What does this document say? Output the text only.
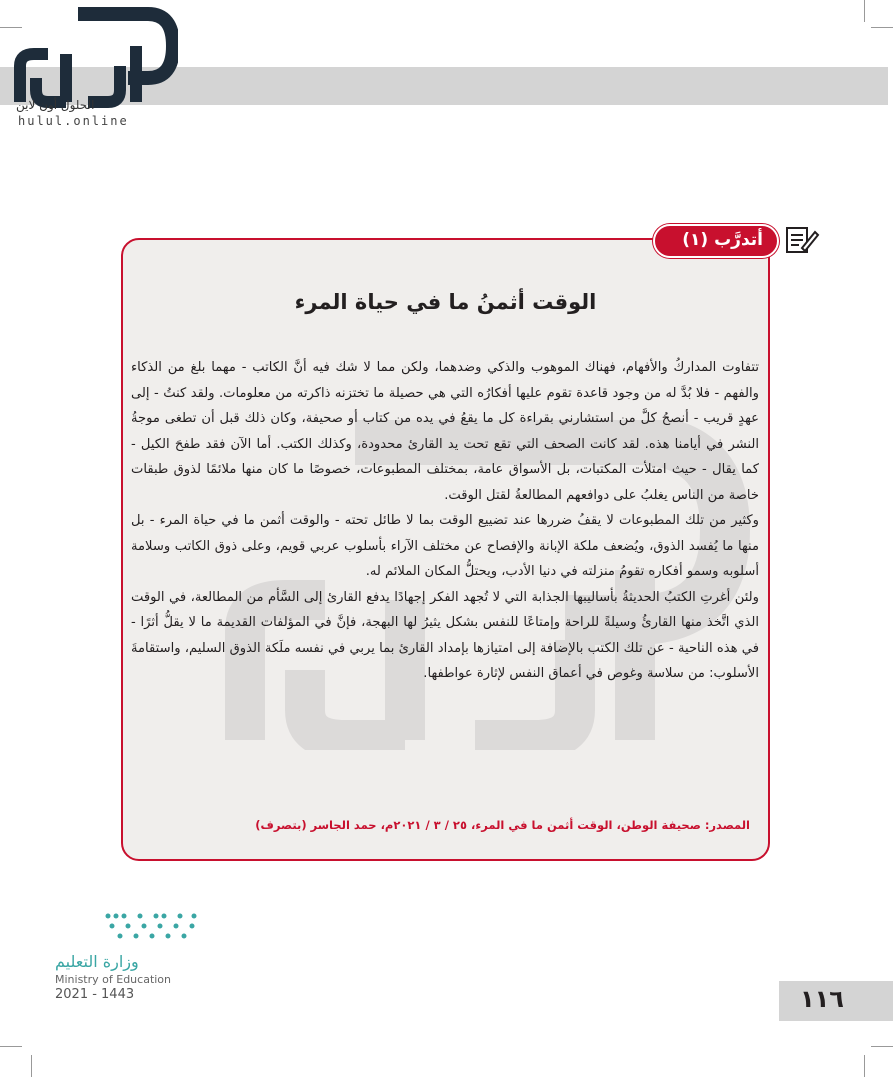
الحلول أون لاين
hulul.online
أتدرَّب (١)
الوقت أثمنُ ما في حياة المرء

تتفاوت المداركُ والأفهام، فهناك الموهوب والذكي وضدهما، ولكن مما لا شك فيه أنَّ الكاتب - مهما بلغ من الذكاء والفهم - فلا بُدَّ له من وجود قاعدة تقوم عليها أفكارُه التي هي حصيلة ما تختزنه ذاكرته من معلومات. ولقد كنتُ - إلى عهدٍ قريب - أنصحُ كلَّ من استشارني بقراءة كل ما يقعُ في يده من كتاب أو صحيفة، وكان ذلك قبل أن تطغى موجةُ النشر في أيامنا هذه. لقد كانت الصحف التي تقع تحت يد القارئ محدودة، وكذلك الكتب. أما الآن فقد طفحَ الكيل - كما يقال - حيث امتلأت المكتبات، بل الأسواق عامة، بمختلف المطبوعات، خصوصًا ما كان منها ملائمًا لذوق طبقات خاصة من الناس يغلبُ على دوافعهم المطالعةُ لقتل الوقت.

وكثير من تلك المطبوعات لا يقفُ ضررها عند تضييع الوقت بما لا طائل تحته - والوقت أثمن ما في حياة المرء - بل منها ما يُفسد الذوق، ويُضعف ملكة الإبانة والإفصاح عن مختلف الآراء بأسلوب عربي قويم، وعلى ذوق الكاتب وسلامة أسلوبه وسمو أفكاره تقومُ منزلته في دنيا الأدب، ويحتلُّ المكان الملائم له.

ولئن أغرتِ الكتبُ الحديثةُ بأساليبها الجذابة التي لا تُجهد الفكر إجهادًا يدفع القارئ إلى السَّأم من المطالعة، في الوقت الذي اتَّخذ منها القارئُ وسيلةً للراحة وإمتاعًا للنفس بشكل يثيرُ لها البهجة، فإنَّ في المؤلفات القديمة ما لا يقلُّ أثرًا - في هذه الناحية - عن تلك الكتب بالإضافة إلى امتيازها بإمداد القارئ بما يربي في نفسه ملَكة الذوق السليم، واستقامةَ الأسلوب: من سلاسة وغوص في أعماق النفس لإثارة عواطفها.

المصدر: صحيفة الوطن، الوقت أثمن ما في المرء، ٢٥ / ٣ / ٢٠٢١م، حمد الجاسر (بتصرف)
وزارة التعليم
Ministry of Education
2021 - 1443	١١٦
